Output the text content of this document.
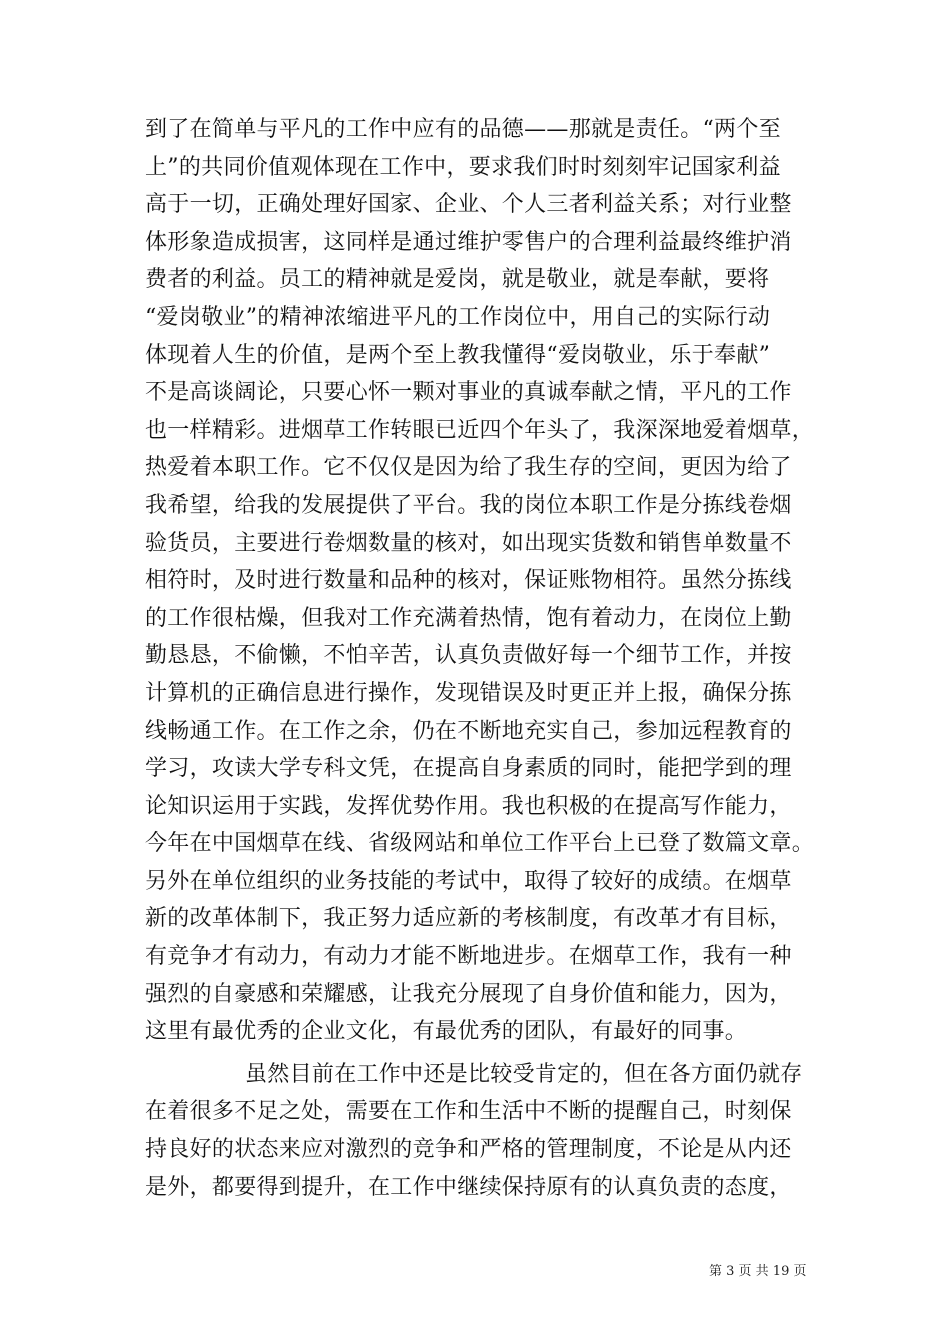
到了在简单与平凡的工作中应有的品德——那就是责任。“两个至
上”的共同价值观体现在工作中，要求我们时时刻刻牢记国家利益
高于一切，正确处理好国家、企业、个人三者利益关系；对行业整
体形象造成损害，这同样是通过维护零售户的合理利益最终维护消
费者的利益。员工的精神就是爱岗，就是敬业，就是奉献，要将
“爱岗敬业”的精神浓缩进平凡的工作岗位中，用自己的实际行动
体现着人生的价值，是两个至上教我懂得“爱岗敬业，乐于奉献”
不是高谈阔论，只要心怀一颗对事业的真诚奉献之情，平凡的工作
也一样精彩。进烟草工作转眼已近四个年头了，我深深地爱着烟草，
热爱着本职工作。它不仅仅是因为给了我生存的空间，更因为给了
我希望，给我的发展提供了平台。我的岗位本职工作是分拣线卷烟
验货员，主要进行卷烟数量的核对，如出现实货数和销售单数量不
相符时，及时进行数量和品种的核对，保证账物相符。虽然分拣线
的工作很枯燥，但我对工作充满着热情，饱有着动力，在岗位上勤
勤恳恳，不偷懒，不怕辛苦，认真负责做好每一个细节工作，并按
计算机的正确信息进行操作，发现错误及时更正并上报，确保分拣
线畅通工作。在工作之余，仍在不断地充实自己，参加远程教育的
学习，攻读大学专科文凭，在提高自身素质的同时，能把学到的理
论知识运用于实践，发挥优势作用。我也积极的在提高写作能力，
今年在中国烟草在线、省级网站和单位工作平台上已登了数篇文章。
另外在单位组织的业务技能的考试中，取得了较好的成绩。在烟草
新的改革体制下，我正努力适应新的考核制度，有改革才有目标，
有竞争才有动力，有动力才能不断地进步。在烟草工作，我有一种
强烈的自豪感和荣耀感，让我充分展现了自身价值和能力，因为，
这里有最优秀的企业文化，有最优秀的团队，有最好的同事。
虽然目前在工作中还是比较受肯定的，但在各方面仍就存
在着很多不足之处，需要在工作和生活中不断的提醒自己，时刻保
持良好的状态来应对激烈的竞争和严格的管理制度，不论是从内还
是外，都要得到提升，在工作中继续保持原有的认真负责的态度，
第 3 页 共 19 页
